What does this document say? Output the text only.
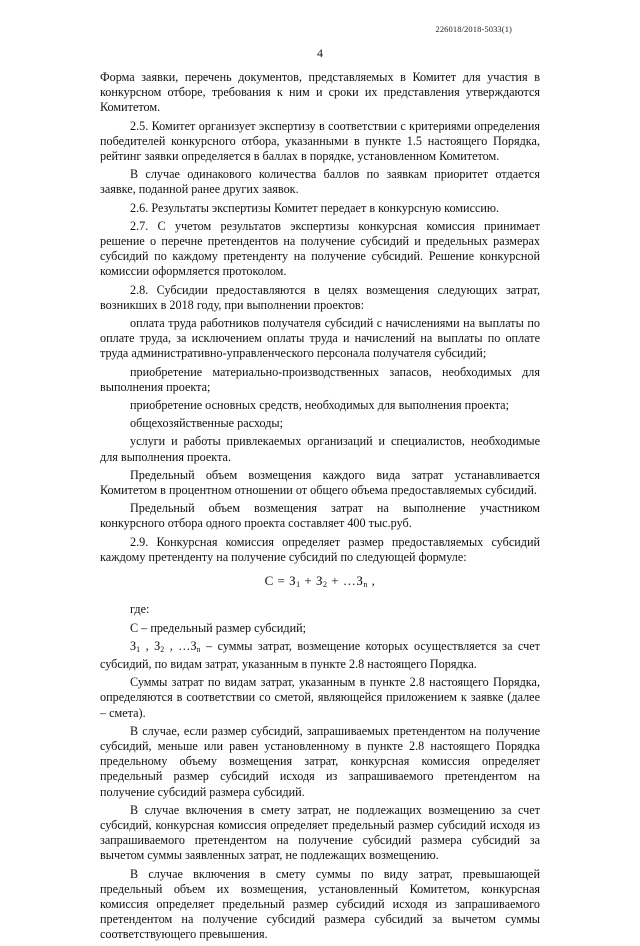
226018/2018-5033(1)
4

Форма заявки, перечень документов, представляемых в Комитет для участия в конкурсном отборе, требования к ним и сроки их представления утверждаются Комитетом.

2.5. Комитет организует экспертизу в соответствии с критериями определения победителей конкурсного отбора, указанными в пункте 1.5 настоящего Порядка, рейтинг заявки определяется в баллах в порядке, установленном Комитетом.

В случае одинакового количества баллов по заявкам приоритет отдается заявке, поданной ранее других заявок.

2.6. Результаты экспертизы Комитет передает в конкурсную комиссию.

2.7. С учетом результатов экспертизы конкурсная комиссия принимает решение о перечне претендентов на получение субсидий и предельных размерах субсидий по каждому претенденту на получение субсидий. Решение конкурсной комиссии оформляется протоколом.

2.8. Субсидии предоставляются в целях возмещения следующих затрат, возникших в 2018 году, при выполнении проектов:

оплата труда работников получателя субсидий с начислениями на выплаты по оплате труда, за исключением оплаты труда и начислений на выплаты по оплате труда административно-управленческого персонала получателя субсидий;

приобретение материально-производственных запасов, необходимых для выполнения проекта;

приобретение основных средств, необходимых для выполнения проекта;

общехозяйственные расходы;

услуги и работы привлекаемых организаций и специалистов, необходимые для выполнения проекта.

Предельный объем возмещения каждого вида затрат устанавливается Комитетом в процентном отношении от общего объема предоставляемых субсидий.

Предельный объем возмещения затрат на выполнение участником конкурсного отбора одного проекта составляет 400 тыс.руб.

2.9. Конкурсная комиссия определяет размер предоставляемых субсидий каждому претенденту на получение субсидий по следующей формуле:

$С = З_1 + З_2$ + $\dots З_n$ ,

где:

С – предельный размер субсидий;

$З_1$ , $З_2$ , $\dots З_n$ – суммы затрат, возмещение которых осуществляется за счет субсидий, по видам затрат, указанным в пункте 2.8 настоящего Порядка.

Суммы затрат по видам затрат, указанным в пункте 2.8 настоящего Порядка, определяются в соответствии со сметой, являющейся приложением к заявке (далее – смета).

В случае, если размер субсидий, запрашиваемых претендентом на получение субсидий, меньше или равен установленному в пункте 2.8 настоящего Порядка предельному объему возмещения затрат, конкурсная комиссия определяет предельный размер субсидий исходя из запрашиваемого претендентом на получение субсидий размера субсидий.

В случае включения в смету затрат, не подлежащих возмещению за счет субсидий, конкурсная комиссия определяет предельный размер субсидий исходя из запрашиваемого претендентом на получение субсидий размера субсидий за вычетом суммы заявленных затрат, не подлежащих возмещению.

В случае включения в смету суммы по виду затрат, превышающей предельный объем их возмещения, установленный Комитетом, конкурсная комиссия определяет предельный размер субсидий исходя из запрашиваемого претендентом на получение субсидий размера субсидий за вычетом суммы соответствующего превышения.
